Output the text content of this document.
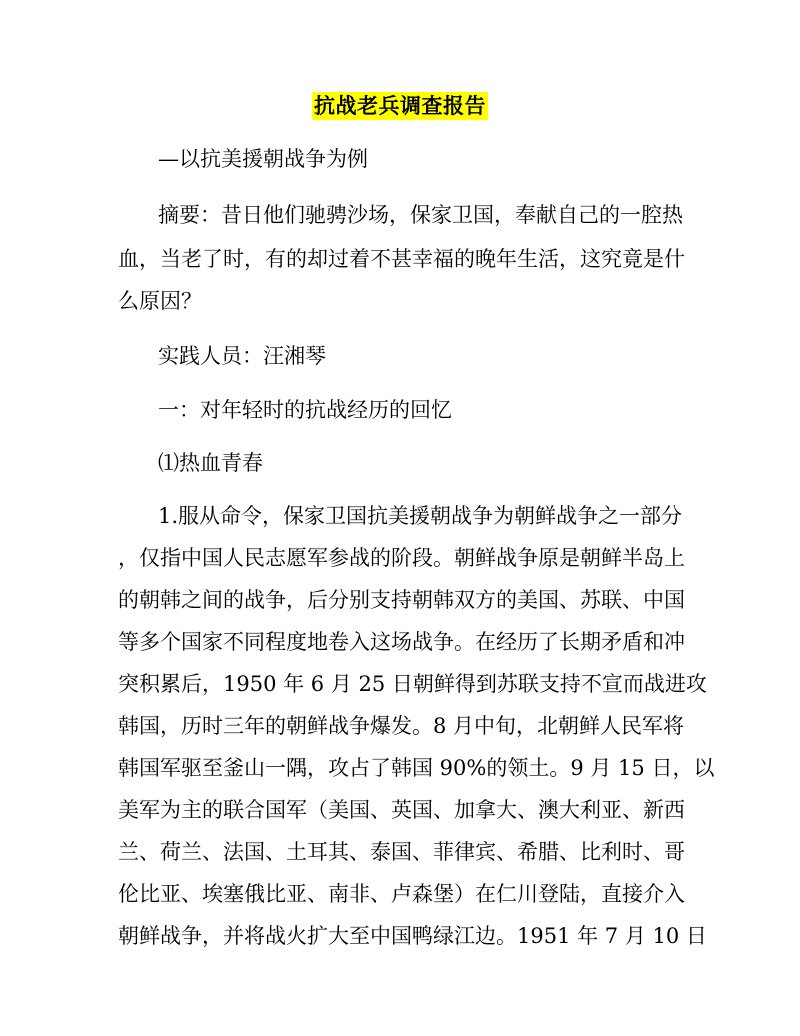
抗战老兵调查报告
—以抗美援朝战争为例
摘要：昔日他们驰骋沙场，保家卫国，奉献自己的一腔热
血，当老了时，有的却过着不甚幸福的晚年生活，这究竟是什
么原因？
实践人员：汪湘琴
一：对年轻时的抗战经历的回忆
⑴热血青春
1.服从命令，保家卫国抗美援朝战争为朝鲜战争之一部分
，仅指中国人民志愿军参战的阶段。朝鲜战争原是朝鲜半岛上
的朝韩之间的战争，后分别支持朝韩双方的美国、苏联、中国
等多个国家不同程度地卷入这场战争。在经历了长期矛盾和冲
突积累后，1950 年 6 月 25 日朝鲜得到苏联支持不宣而战进攻
韩国，历时三年的朝鲜战争爆发。8 月中旬，北朝鲜人民军将
韩国军驱至釜山一隅，攻占了韩国 90%的领土。9 月 15 日，以
美军为主的联合国军（美国、英国、加拿大、澳大利亚、新西
兰、荷兰、法国、土耳其、泰国、菲律宾、希腊、比利时、哥
伦比亚、埃塞俄比亚、南非、卢森堡）在仁川登陆，直接介入
朝鲜战争，并将战火扩大至中国鸭绿江边。1951 年 7 月 10 日
